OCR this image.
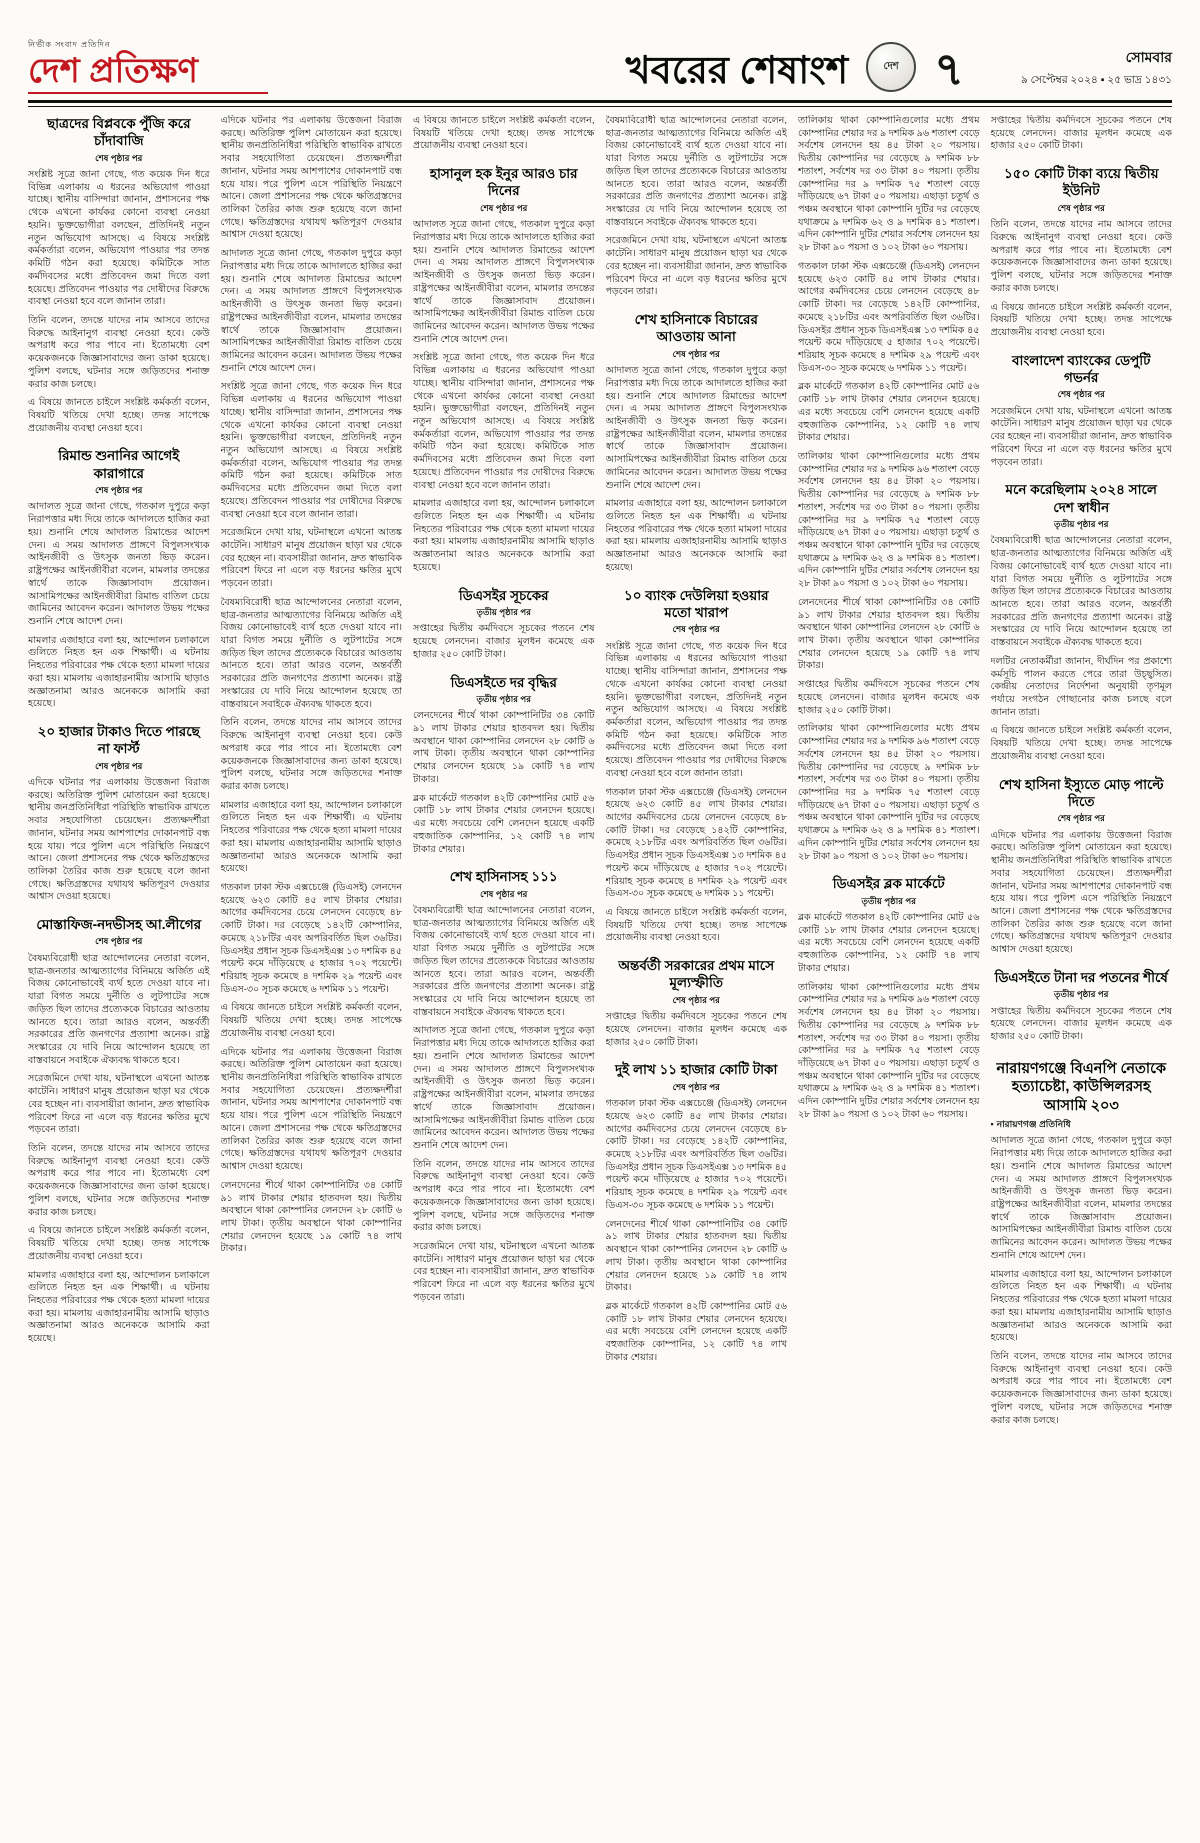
নির্ভীক সংবাদ প্রতিদিন
দেশ প্রতিক্ষণ	খবরের শেষাংশ	দেশ ৭	সোমবার
৯ সেপ্টেম্বর ২০২৪ ▪ ২৫ ভাদ্র ১৪৩১
ছাত্রদের বিপ্লবকে পুঁজি করে চাঁদাবাজি
শেষ পৃষ্ঠার পর

সংশ্লিষ্ট সূত্রে জানা গেছে, গত কয়েক দিন ধরে বিভিন্ন এলাকায় এ ধরনের অভিযোগ পাওয়া যাচ্ছে। স্থানীয় বাসিন্দারা জানান, প্রশাসনের পক্ষ থেকে এখনো কার্যকর কোনো ব্যবস্থা নেওয়া হয়নি। ভুক্তভোগীরা বলছেন, প্রতিদিনই নতুন নতুন অভিযোগ আসছে। এ বিষয়ে সংশ্লিষ্ট কর্মকর্তারা বলেন, অভিযোগ পাওয়ার পর তদন্ত কমিটি গঠন করা হয়েছে। কমিটিকে সাত কর্মদিবসের মধ্যে প্রতিবেদন জমা দিতে বলা হয়েছে। প্রতিবেদন পাওয়ার পর দোষীদের বিরুদ্ধে ব্যবস্থা নেওয়া হবে বলে জানান তারা।

তিনি বলেন, তদন্তে যাদের নাম আসবে তাদের বিরুদ্ধে আইনানুগ ব্যবস্থা নেওয়া হবে। কেউ অপরাধ করে পার পাবে না। ইতোমধ্যে বেশ কয়েকজনকে জিজ্ঞাসাবাদের জন্য ডাকা হয়েছে। পুলিশ বলছে, ঘটনার সঙ্গে জড়িতদের শনাক্ত করার কাজ চলছে।

এ বিষয়ে জানতে চাইলে সংশ্লিষ্ট কর্মকর্তা বলেন, বিষয়টি খতিয়ে দেখা হচ্ছে। তদন্ত সাপেক্ষে প্রয়োজনীয় ব্যবস্থা নেওয়া হবে।

রিমান্ড শুনানির আগেই কারাগারে
শেষ পৃষ্ঠার পর

আদালত সূত্রে জানা গেছে, গতকাল দুপুরে কড়া নিরাপত্তার মধ্য দিয়ে তাকে আদালতে হাজির করা হয়। শুনানি শেষে আদালত রিমান্ডের আদেশ দেন। এ সময় আদালত প্রাঙ্গণে বিপুলসংখ্যক আইনজীবী ও উৎসুক জনতা ভিড় করেন। রাষ্ট্রপক্ষের আইনজীবীরা বলেন, মামলার তদন্তের স্বার্থে তাকে জিজ্ঞাসাবাদ প্রয়োজন। আসামিপক্ষের আইনজীবীরা রিমান্ড বাতিল চেয়ে জামিনের আবেদন করেন। আদালত উভয় পক্ষের শুনানি শেষে আদেশ দেন।

মামলার এজাহারে বলা হয়, আন্দোলন চলাকালে গুলিতে নিহত হন এক শিক্ষার্থী। এ ঘটনায় নিহতের পরিবারের পক্ষ থেকে হত্যা মামলা দায়ের করা হয়। মামলায় এজাহারনামীয় আসামি ছাড়াও অজ্ঞাতনামা আরও অনেককে আসামি করা হয়েছে।

২০ হাজার টাকাও দিতে পারছে না ফার্স্ট
শেষ পৃষ্ঠার পর

এদিকে ঘটনার পর এলাকায় উত্তেজনা বিরাজ করছে। অতিরিক্ত পুলিশ মোতায়েন করা হয়েছে। স্থানীয় জনপ্রতিনিধিরা পরিস্থিতি স্বাভাবিক রাখতে সবার সহযোগিতা চেয়েছেন। প্রত্যক্ষদর্শীরা জানান, ঘটনার সময় আশপাশের দোকানপাট বন্ধ হয়ে যায়। পরে পুলিশ এসে পরিস্থিতি নিয়ন্ত্রণে আনে। জেলা প্রশাসনের পক্ষ থেকে ক্ষতিগ্রস্তদের তালিকা তৈরির কাজ শুরু হয়েছে বলে জানা গেছে। ক্ষতিগ্রস্তদের যথাযথ ক্ষতিপূরণ দেওয়ার আশ্বাস দেওয়া হয়েছে।

মোস্তাফিজ-নদভীসহ আ.লীগের
শেষ পৃষ্ঠার পর

বৈষম্যবিরোধী ছাত্র আন্দোলনের নেতারা বলেন, ছাত্র-জনতার আত্মত্যাগের বিনিময়ে অর্জিত এই বিজয় কোনোভাবেই ব্যর্থ হতে দেওয়া যাবে না। যারা বিগত সময়ে দুর্নীতি ও লুটপাটের সঙ্গে জড়িত ছিল তাদের প্রত্যেককে বিচারের আওতায় আনতে হবে। তারা আরও বলেন, অন্তর্বর্তী সরকারের প্রতি জনগণের প্রত্যাশা অনেক। রাষ্ট্র সংস্কারের যে দাবি নিয়ে আন্দোলন হয়েছে তা বাস্তবায়নে সবাইকে ঐক্যবদ্ধ থাকতে হবে।

সরেজমিনে দেখা যায়, ঘটনাস্থলে এখনো আতঙ্ক কাটেনি। সাধারণ মানুষ প্রয়োজন ছাড়া ঘর থেকে বের হচ্ছেন না। ব্যবসায়ীরা জানান, দ্রুত স্বাভাবিক পরিবেশ ফিরে না এলে বড় ধরনের ক্ষতির মুখে পড়বেন তারা।

তিনি বলেন, তদন্তে যাদের নাম আসবে তাদের বিরুদ্ধে আইনানুগ ব্যবস্থা নেওয়া হবে। কেউ অপরাধ করে পার পাবে না। ইতোমধ্যে বেশ কয়েকজনকে জিজ্ঞাসাবাদের জন্য ডাকা হয়েছে। পুলিশ বলছে, ঘটনার সঙ্গে জড়িতদের শনাক্ত করার কাজ চলছে।

এ বিষয়ে জানতে চাইলে সংশ্লিষ্ট কর্মকর্তা বলেন, বিষয়টি খতিয়ে দেখা হচ্ছে। তদন্ত সাপেক্ষে প্রয়োজনীয় ব্যবস্থা নেওয়া হবে।

মামলার এজাহারে বলা হয়, আন্দোলন চলাকালে গুলিতে নিহত হন এক শিক্ষার্থী। এ ঘটনায় নিহতের পরিবারের পক্ষ থেকে হত্যা মামলা দায়ের করা হয়। মামলায় এজাহারনামীয় আসামি ছাড়াও অজ্ঞাতনামা আরও অনেককে আসামি করা হয়েছে।

এদিকে ঘটনার পর এলাকায় উত্তেজনা বিরাজ করছে। অতিরিক্ত পুলিশ মোতায়েন করা হয়েছে। স্থানীয় জনপ্রতিনিধিরা পরিস্থিতি স্বাভাবিক রাখতে সবার সহযোগিতা চেয়েছেন। প্রত্যক্ষদর্শীরা জানান, ঘটনার সময় আশপাশের দোকানপাট বন্ধ হয়ে যায়। পরে পুলিশ এসে পরিস্থিতি নিয়ন্ত্রণে আনে। জেলা প্রশাসনের পক্ষ থেকে ক্ষতিগ্রস্তদের তালিকা তৈরির কাজ শুরু হয়েছে বলে জানা গেছে। ক্ষতিগ্রস্তদের যথাযথ ক্ষতিপূরণ দেওয়ার আশ্বাস দেওয়া হয়েছে।

আদালত সূত্রে জানা গেছে, গতকাল দুপুরে কড়া নিরাপত্তার মধ্য দিয়ে তাকে আদালতে হাজির করা হয়। শুনানি শেষে আদালত রিমান্ডের আদেশ দেন। এ সময় আদালত প্রাঙ্গণে বিপুলসংখ্যক আইনজীবী ও উৎসুক জনতা ভিড় করেন। রাষ্ট্রপক্ষের আইনজীবীরা বলেন, মামলার তদন্তের স্বার্থে তাকে জিজ্ঞাসাবাদ প্রয়োজন। আসামিপক্ষের আইনজীবীরা রিমান্ড বাতিল চেয়ে জামিনের আবেদন করেন। আদালত উভয় পক্ষের শুনানি শেষে আদেশ দেন।

সংশ্লিষ্ট সূত্রে জানা গেছে, গত কয়েক দিন ধরে বিভিন্ন এলাকায় এ ধরনের অভিযোগ পাওয়া যাচ্ছে। স্থানীয় বাসিন্দারা জানান, প্রশাসনের পক্ষ থেকে এখনো কার্যকর কোনো ব্যবস্থা নেওয়া হয়নি। ভুক্তভোগীরা বলছেন, প্রতিদিনই নতুন নতুন অভিযোগ আসছে। এ বিষয়ে সংশ্লিষ্ট কর্মকর্তারা বলেন, অভিযোগ পাওয়ার পর তদন্ত কমিটি গঠন করা হয়েছে। কমিটিকে সাত কর্মদিবসের মধ্যে প্রতিবেদন জমা দিতে বলা হয়েছে। প্রতিবেদন পাওয়ার পর দোষীদের বিরুদ্ধে ব্যবস্থা নেওয়া হবে বলে জানান তারা।

সরেজমিনে দেখা যায়, ঘটনাস্থলে এখনো আতঙ্ক কাটেনি। সাধারণ মানুষ প্রয়োজন ছাড়া ঘর থেকে বের হচ্ছেন না। ব্যবসায়ীরা জানান, দ্রুত স্বাভাবিক পরিবেশ ফিরে না এলে বড় ধরনের ক্ষতির মুখে পড়বেন তারা।

বৈষম্যবিরোধী ছাত্র আন্দোলনের নেতারা বলেন, ছাত্র-জনতার আত্মত্যাগের বিনিময়ে অর্জিত এই বিজয় কোনোভাবেই ব্যর্থ হতে দেওয়া যাবে না। যারা বিগত সময়ে দুর্নীতি ও লুটপাটের সঙ্গে জড়িত ছিল তাদের প্রত্যেককে বিচারের আওতায় আনতে হবে। তারা আরও বলেন, অন্তর্বর্তী সরকারের প্রতি জনগণের প্রত্যাশা অনেক। রাষ্ট্র সংস্কারের যে দাবি নিয়ে আন্দোলন হয়েছে তা বাস্তবায়নে সবাইকে ঐক্যবদ্ধ থাকতে হবে।

তিনি বলেন, তদন্তে যাদের নাম আসবে তাদের বিরুদ্ধে আইনানুগ ব্যবস্থা নেওয়া হবে। কেউ অপরাধ করে পার পাবে না। ইতোমধ্যে বেশ কয়েকজনকে জিজ্ঞাসাবাদের জন্য ডাকা হয়েছে। পুলিশ বলছে, ঘটনার সঙ্গে জড়িতদের শনাক্ত করার কাজ চলছে।

মামলার এজাহারে বলা হয়, আন্দোলন চলাকালে গুলিতে নিহত হন এক শিক্ষার্থী। এ ঘটনায় নিহতের পরিবারের পক্ষ থেকে হত্যা মামলা দায়ের করা হয়। মামলায় এজাহারনামীয় আসামি ছাড়াও অজ্ঞাতনামা আরও অনেককে আসামি করা হয়েছে।

গতকাল ঢাকা স্টক এক্সচেঞ্জে (ডিএসই) লেনদেন হয়েছে ৬২৩ কোটি ৪৫ লাখ টাকার শেয়ার। আগের কর্মদিবসের চেয়ে লেনদেন বেড়েছে ৪৮ কোটি টাকা। দর বেড়েছে ১৪২টি কোম্পানির, কমেছে ২১৮টির এবং অপরিবর্তিত ছিল ৩৬টির। ডিএসইর প্রধান সূচক ডিএসইএক্স ১৩ দশমিক ৪৫ পয়েন্ট কমে দাঁড়িয়েছে ৫ হাজার ৭০২ পয়েন্টে। শরিয়াহ সূচক কমেছে ৪ দশমিক ২৯ পয়েন্ট এবং ডিএস-৩০ সূচক কমেছে ৬ দশমিক ১১ পয়েন্ট।

এ বিষয়ে জানতে চাইলে সংশ্লিষ্ট কর্মকর্তা বলেন, বিষয়টি খতিয়ে দেখা হচ্ছে। তদন্ত সাপেক্ষে প্রয়োজনীয় ব্যবস্থা নেওয়া হবে।

এদিকে ঘটনার পর এলাকায় উত্তেজনা বিরাজ করছে। অতিরিক্ত পুলিশ মোতায়েন করা হয়েছে। স্থানীয় জনপ্রতিনিধিরা পরিস্থিতি স্বাভাবিক রাখতে সবার সহযোগিতা চেয়েছেন। প্রত্যক্ষদর্শীরা জানান, ঘটনার সময় আশপাশের দোকানপাট বন্ধ হয়ে যায়। পরে পুলিশ এসে পরিস্থিতি নিয়ন্ত্রণে আনে। জেলা প্রশাসনের পক্ষ থেকে ক্ষতিগ্রস্তদের তালিকা তৈরির কাজ শুরু হয়েছে বলে জানা গেছে। ক্ষতিগ্রস্তদের যথাযথ ক্ষতিপূরণ দেওয়ার আশ্বাস দেওয়া হয়েছে।

লেনদেনের শীর্ষে থাকা কোম্পানিটির ৩৪ কোটি ৯১ লাখ টাকার শেয়ার হাতবদল হয়। দ্বিতীয় অবস্থানে থাকা কোম্পানির লেনদেন ২৮ কোটি ৬ লাখ টাকা। তৃতীয় অবস্থানে থাকা কোম্পানির শেয়ার লেনদেন হয়েছে ১৯ কোটি ৭৪ লাখ টাকার।

এ বিষয়ে জানতে চাইলে সংশ্লিষ্ট কর্মকর্তা বলেন, বিষয়টি খতিয়ে দেখা হচ্ছে। তদন্ত সাপেক্ষে প্রয়োজনীয় ব্যবস্থা নেওয়া হবে।

হাসানুল হক ইনুর আরও চার দিনের
শেষ পৃষ্ঠার পর

আদালত সূত্রে জানা গেছে, গতকাল দুপুরে কড়া নিরাপত্তার মধ্য দিয়ে তাকে আদালতে হাজির করা হয়। শুনানি শেষে আদালত রিমান্ডের আদেশ দেন। এ সময় আদালত প্রাঙ্গণে বিপুলসংখ্যক আইনজীবী ও উৎসুক জনতা ভিড় করেন। রাষ্ট্রপক্ষের আইনজীবীরা বলেন, মামলার তদন্তের স্বার্থে তাকে জিজ্ঞাসাবাদ প্রয়োজন। আসামিপক্ষের আইনজীবীরা রিমান্ড বাতিল চেয়ে জামিনের আবেদন করেন। আদালত উভয় পক্ষের শুনানি শেষে আদেশ দেন।

সংশ্লিষ্ট সূত্রে জানা গেছে, গত কয়েক দিন ধরে বিভিন্ন এলাকায় এ ধরনের অভিযোগ পাওয়া যাচ্ছে। স্থানীয় বাসিন্দারা জানান, প্রশাসনের পক্ষ থেকে এখনো কার্যকর কোনো ব্যবস্থা নেওয়া হয়নি। ভুক্তভোগীরা বলছেন, প্রতিদিনই নতুন নতুন অভিযোগ আসছে। এ বিষয়ে সংশ্লিষ্ট কর্মকর্তারা বলেন, অভিযোগ পাওয়ার পর তদন্ত কমিটি গঠন করা হয়েছে। কমিটিকে সাত কর্মদিবসের মধ্যে প্রতিবেদন জমা দিতে বলা হয়েছে। প্রতিবেদন পাওয়ার পর দোষীদের বিরুদ্ধে ব্যবস্থা নেওয়া হবে বলে জানান তারা।

মামলার এজাহারে বলা হয়, আন্দোলন চলাকালে গুলিতে নিহত হন এক শিক্ষার্থী। এ ঘটনায় নিহতের পরিবারের পক্ষ থেকে হত্যা মামলা দায়ের করা হয়। মামলায় এজাহারনামীয় আসামি ছাড়াও অজ্ঞাতনামা আরও অনেককে আসামি করা হয়েছে।

ডিএসইর সূচকের
তৃতীয় পৃষ্ঠার পর

সপ্তাহের দ্বিতীয় কর্মদিবসে সূচকের পতনে শেষ হয়েছে লেনদেন। বাজার মূলধন কমেছে এক হাজার ২৫০ কোটি টাকা।

ডিএসইতে দর বৃদ্ধির
তৃতীয় পৃষ্ঠার পর

লেনদেনের শীর্ষে থাকা কোম্পানিটির ৩৪ কোটি ৯১ লাখ টাকার শেয়ার হাতবদল হয়। দ্বিতীয় অবস্থানে থাকা কোম্পানির লেনদেন ২৮ কোটি ৬ লাখ টাকা। তৃতীয় অবস্থানে থাকা কোম্পানির শেয়ার লেনদেন হয়েছে ১৯ কোটি ৭৪ লাখ টাকার।

ব্লক মার্কেটে গতকাল ৪২টি কোম্পানির মোট ৫৬ কোটি ১৮ লাখ টাকার শেয়ার লেনদেন হয়েছে। এর মধ্যে সবচেয়ে বেশি লেনদেন হয়েছে একটি বহুজাতিক কোম্পানির, ১২ কোটি ৭৪ লাখ টাকার শেয়ার।

শেখ হাসিনাসহ ১১১
শেষ পৃষ্ঠার পর

বৈষম্যবিরোধী ছাত্র আন্দোলনের নেতারা বলেন, ছাত্র-জনতার আত্মত্যাগের বিনিময়ে অর্জিত এই বিজয় কোনোভাবেই ব্যর্থ হতে দেওয়া যাবে না। যারা বিগত সময়ে দুর্নীতি ও লুটপাটের সঙ্গে জড়িত ছিল তাদের প্রত্যেককে বিচারের আওতায় আনতে হবে। তারা আরও বলেন, অন্তর্বর্তী সরকারের প্রতি জনগণের প্রত্যাশা অনেক। রাষ্ট্র সংস্কারের যে দাবি নিয়ে আন্দোলন হয়েছে তা বাস্তবায়নে সবাইকে ঐক্যবদ্ধ থাকতে হবে।

আদালত সূত্রে জানা গেছে, গতকাল দুপুরে কড়া নিরাপত্তার মধ্য দিয়ে তাকে আদালতে হাজির করা হয়। শুনানি শেষে আদালত রিমান্ডের আদেশ দেন। এ সময় আদালত প্রাঙ্গণে বিপুলসংখ্যক আইনজীবী ও উৎসুক জনতা ভিড় করেন। রাষ্ট্রপক্ষের আইনজীবীরা বলেন, মামলার তদন্তের স্বার্থে তাকে জিজ্ঞাসাবাদ প্রয়োজন। আসামিপক্ষের আইনজীবীরা রিমান্ড বাতিল চেয়ে জামিনের আবেদন করেন। আদালত উভয় পক্ষের শুনানি শেষে আদেশ দেন।

তিনি বলেন, তদন্তে যাদের নাম আসবে তাদের বিরুদ্ধে আইনানুগ ব্যবস্থা নেওয়া হবে। কেউ অপরাধ করে পার পাবে না। ইতোমধ্যে বেশ কয়েকজনকে জিজ্ঞাসাবাদের জন্য ডাকা হয়েছে। পুলিশ বলছে, ঘটনার সঙ্গে জড়িতদের শনাক্ত করার কাজ চলছে।

সরেজমিনে দেখা যায়, ঘটনাস্থলে এখনো আতঙ্ক কাটেনি। সাধারণ মানুষ প্রয়োজন ছাড়া ঘর থেকে বের হচ্ছেন না। ব্যবসায়ীরা জানান, দ্রুত স্বাভাবিক পরিবেশ ফিরে না এলে বড় ধরনের ক্ষতির মুখে পড়বেন তারা।

বৈষম্যবিরোধী ছাত্র আন্দোলনের নেতারা বলেন, ছাত্র-জনতার আত্মত্যাগের বিনিময়ে অর্জিত এই বিজয় কোনোভাবেই ব্যর্থ হতে দেওয়া যাবে না। যারা বিগত সময়ে দুর্নীতি ও লুটপাটের সঙ্গে জড়িত ছিল তাদের প্রত্যেককে বিচারের আওতায় আনতে হবে। তারা আরও বলেন, অন্তর্বর্তী সরকারের প্রতি জনগণের প্রত্যাশা অনেক। রাষ্ট্র সংস্কারের যে দাবি নিয়ে আন্দোলন হয়েছে তা বাস্তবায়নে সবাইকে ঐক্যবদ্ধ থাকতে হবে।

সরেজমিনে দেখা যায়, ঘটনাস্থলে এখনো আতঙ্ক কাটেনি। সাধারণ মানুষ প্রয়োজন ছাড়া ঘর থেকে বের হচ্ছেন না। ব্যবসায়ীরা জানান, দ্রুত স্বাভাবিক পরিবেশ ফিরে না এলে বড় ধরনের ক্ষতির মুখে পড়বেন তারা।

শেখ হাসিনাকে বিচারের আওতায় আনা
শেষ পৃষ্ঠার পর

আদালত সূত্রে জানা গেছে, গতকাল দুপুরে কড়া নিরাপত্তার মধ্য দিয়ে তাকে আদালতে হাজির করা হয়। শুনানি শেষে আদালত রিমান্ডের আদেশ দেন। এ সময় আদালত প্রাঙ্গণে বিপুলসংখ্যক আইনজীবী ও উৎসুক জনতা ভিড় করেন। রাষ্ট্রপক্ষের আইনজীবীরা বলেন, মামলার তদন্তের স্বার্থে তাকে জিজ্ঞাসাবাদ প্রয়োজন। আসামিপক্ষের আইনজীবীরা রিমান্ড বাতিল চেয়ে জামিনের আবেদন করেন। আদালত উভয় পক্ষের শুনানি শেষে আদেশ দেন।

মামলার এজাহারে বলা হয়, আন্দোলন চলাকালে গুলিতে নিহত হন এক শিক্ষার্থী। এ ঘটনায় নিহতের পরিবারের পক্ষ থেকে হত্যা মামলা দায়ের করা হয়। মামলায় এজাহারনামীয় আসামি ছাড়াও অজ্ঞাতনামা আরও অনেককে আসামি করা হয়েছে।

১০ ব্যাংক দেউলিয়া হওয়ার মতো খারাপ
শেষ পৃষ্ঠার পর

সংশ্লিষ্ট সূত্রে জানা গেছে, গত কয়েক দিন ধরে বিভিন্ন এলাকায় এ ধরনের অভিযোগ পাওয়া যাচ্ছে। স্থানীয় বাসিন্দারা জানান, প্রশাসনের পক্ষ থেকে এখনো কার্যকর কোনো ব্যবস্থা নেওয়া হয়নি। ভুক্তভোগীরা বলছেন, প্রতিদিনই নতুন নতুন অভিযোগ আসছে। এ বিষয়ে সংশ্লিষ্ট কর্মকর্তারা বলেন, অভিযোগ পাওয়ার পর তদন্ত কমিটি গঠন করা হয়েছে। কমিটিকে সাত কর্মদিবসের মধ্যে প্রতিবেদন জমা দিতে বলা হয়েছে। প্রতিবেদন পাওয়ার পর দোষীদের বিরুদ্ধে ব্যবস্থা নেওয়া হবে বলে জানান তারা।

গতকাল ঢাকা স্টক এক্সচেঞ্জে (ডিএসই) লেনদেন হয়েছে ৬২৩ কোটি ৪৫ লাখ টাকার শেয়ার। আগের কর্মদিবসের চেয়ে লেনদেন বেড়েছে ৪৮ কোটি টাকা। দর বেড়েছে ১৪২টি কোম্পানির, কমেছে ২১৮টির এবং অপরিবর্তিত ছিল ৩৬টির। ডিএসইর প্রধান সূচক ডিএসইএক্স ১৩ দশমিক ৪৫ পয়েন্ট কমে দাঁড়িয়েছে ৫ হাজার ৭০২ পয়েন্টে। শরিয়াহ সূচক কমেছে ৪ দশমিক ২৯ পয়েন্ট এবং ডিএস-৩০ সূচক কমেছে ৬ দশমিক ১১ পয়েন্ট।

এ বিষয়ে জানতে চাইলে সংশ্লিষ্ট কর্মকর্তা বলেন, বিষয়টি খতিয়ে দেখা হচ্ছে। তদন্ত সাপেক্ষে প্রয়োজনীয় ব্যবস্থা নেওয়া হবে।

অন্তর্বর্তী সরকারের প্রথম মাসে মূল্যস্ফীতি
শেষ পৃষ্ঠার পর

সপ্তাহের দ্বিতীয় কর্মদিবসে সূচকের পতনে শেষ হয়েছে লেনদেন। বাজার মূলধন কমেছে এক হাজার ২৫০ কোটি টাকা।

দুই লাখ ১১ হাজার কোটি টাকা
শেষ পৃষ্ঠার পর

গতকাল ঢাকা স্টক এক্সচেঞ্জে (ডিএসই) লেনদেন হয়েছে ৬২৩ কোটি ৪৫ লাখ টাকার শেয়ার। আগের কর্মদিবসের চেয়ে লেনদেন বেড়েছে ৪৮ কোটি টাকা। দর বেড়েছে ১৪২টি কোম্পানির, কমেছে ২১৮টির এবং অপরিবর্তিত ছিল ৩৬টির। ডিএসইর প্রধান সূচক ডিএসইএক্স ১৩ দশমিক ৪৫ পয়েন্ট কমে দাঁড়িয়েছে ৫ হাজার ৭০২ পয়েন্টে। শরিয়াহ সূচক কমেছে ৪ দশমিক ২৯ পয়েন্ট এবং ডিএস-৩০ সূচক কমেছে ৬ দশমিক ১১ পয়েন্ট।

লেনদেনের শীর্ষে থাকা কোম্পানিটির ৩৪ কোটি ৯১ লাখ টাকার শেয়ার হাতবদল হয়। দ্বিতীয় অবস্থানে থাকা কোম্পানির লেনদেন ২৮ কোটি ৬ লাখ টাকা। তৃতীয় অবস্থানে থাকা কোম্পানির শেয়ার লেনদেন হয়েছে ১৯ কোটি ৭৪ লাখ টাকার।

ব্লক মার্কেটে গতকাল ৪২টি কোম্পানির মোট ৫৬ কোটি ১৮ লাখ টাকার শেয়ার লেনদেন হয়েছে। এর মধ্যে সবচেয়ে বেশি লেনদেন হয়েছে একটি বহুজাতিক কোম্পানির, ১২ কোটি ৭৪ লাখ টাকার শেয়ার।

তালিকায় থাকা কোম্পানিগুলোর মধ্যে প্রথম কোম্পানির শেয়ার দর ৯ দশমিক ৯৬ শতাংশ বেড়ে সর্বশেষ লেনদেন হয় ৪৫ টাকা ২০ পয়সায়। দ্বিতীয় কোম্পানির দর বেড়েছে ৯ দশমিক ৮৮ শতাংশ, সর্বশেষ দর ৩৩ টাকা ৪০ পয়সা। তৃতীয় কোম্পানির দর ৯ দশমিক ৭৫ শতাংশ বেড়ে দাঁড়িয়েছে ৬৭ টাকা ৫০ পয়সায়। এছাড়া চতুর্থ ও পঞ্চম অবস্থানে থাকা কোম্পানি দুটির দর বেড়েছে যথাক্রমে ৯ দশমিক ৬২ ও ৯ দশমিক ৪১ শতাংশ। এদিন কোম্পানি দুটির শেয়ার সর্বশেষ লেনদেন হয় ২৮ টাকা ৯০ পয়সা ও ১০২ টাকা ৬০ পয়সায়।

গতকাল ঢাকা স্টক এক্সচেঞ্জে (ডিএসই) লেনদেন হয়েছে ৬২৩ কোটি ৪৫ লাখ টাকার শেয়ার। আগের কর্মদিবসের চেয়ে লেনদেন বেড়েছে ৪৮ কোটি টাকা। দর বেড়েছে ১৪২টি কোম্পানির, কমেছে ২১৮টির এবং অপরিবর্তিত ছিল ৩৬টির। ডিএসইর প্রধান সূচক ডিএসইএক্স ১৩ দশমিক ৪৫ পয়েন্ট কমে দাঁড়িয়েছে ৫ হাজার ৭০২ পয়েন্টে। শরিয়াহ সূচক কমেছে ৪ দশমিক ২৯ পয়েন্ট এবং ডিএস-৩০ সূচক কমেছে ৬ দশমিক ১১ পয়েন্ট।

ব্লক মার্কেটে গতকাল ৪২টি কোম্পানির মোট ৫৬ কোটি ১৮ লাখ টাকার শেয়ার লেনদেন হয়েছে। এর মধ্যে সবচেয়ে বেশি লেনদেন হয়েছে একটি বহুজাতিক কোম্পানির, ১২ কোটি ৭৪ লাখ টাকার শেয়ার।

তালিকায় থাকা কোম্পানিগুলোর মধ্যে প্রথম কোম্পানির শেয়ার দর ৯ দশমিক ৯৬ শতাংশ বেড়ে সর্বশেষ লেনদেন হয় ৪৫ টাকা ২০ পয়সায়। দ্বিতীয় কোম্পানির দর বেড়েছে ৯ দশমিক ৮৮ শতাংশ, সর্বশেষ দর ৩৩ টাকা ৪০ পয়সা। তৃতীয় কোম্পানির দর ৯ দশমিক ৭৫ শতাংশ বেড়ে দাঁড়িয়েছে ৬৭ টাকা ৫০ পয়সায়। এছাড়া চতুর্থ ও পঞ্চম অবস্থানে থাকা কোম্পানি দুটির দর বেড়েছে যথাক্রমে ৯ দশমিক ৬২ ও ৯ দশমিক ৪১ শতাংশ। এদিন কোম্পানি দুটির শেয়ার সর্বশেষ লেনদেন হয় ২৮ টাকা ৯০ পয়সা ও ১০২ টাকা ৬০ পয়সায়।

লেনদেনের শীর্ষে থাকা কোম্পানিটির ৩৪ কোটি ৯১ লাখ টাকার শেয়ার হাতবদল হয়। দ্বিতীয় অবস্থানে থাকা কোম্পানির লেনদেন ২৮ কোটি ৬ লাখ টাকা। তৃতীয় অবস্থানে থাকা কোম্পানির শেয়ার লেনদেন হয়েছে ১৯ কোটি ৭৪ লাখ টাকার।

সপ্তাহের দ্বিতীয় কর্মদিবসে সূচকের পতনে শেষ হয়েছে লেনদেন। বাজার মূলধন কমেছে এক হাজার ২৫০ কোটি টাকা।

তালিকায় থাকা কোম্পানিগুলোর মধ্যে প্রথম কোম্পানির শেয়ার দর ৯ দশমিক ৯৬ শতাংশ বেড়ে সর্বশেষ লেনদেন হয় ৪৫ টাকা ২০ পয়সায়। দ্বিতীয় কোম্পানির দর বেড়েছে ৯ দশমিক ৮৮ শতাংশ, সর্বশেষ দর ৩৩ টাকা ৪০ পয়সা। তৃতীয় কোম্পানির দর ৯ দশমিক ৭৫ শতাংশ বেড়ে দাঁড়িয়েছে ৬৭ টাকা ৫০ পয়সায়। এছাড়া চতুর্থ ও পঞ্চম অবস্থানে থাকা কোম্পানি দুটির দর বেড়েছে যথাক্রমে ৯ দশমিক ৬২ ও ৯ দশমিক ৪১ শতাংশ। এদিন কোম্পানি দুটির শেয়ার সর্বশেষ লেনদেন হয় ২৮ টাকা ৯০ পয়সা ও ১০২ টাকা ৬০ পয়সায়।

ডিএসইর ব্লক মার্কেটে
তৃতীয় পৃষ্ঠার পর

ব্লক মার্কেটে গতকাল ৪২টি কোম্পানির মোট ৫৬ কোটি ১৮ লাখ টাকার শেয়ার লেনদেন হয়েছে। এর মধ্যে সবচেয়ে বেশি লেনদেন হয়েছে একটি বহুজাতিক কোম্পানির, ১২ কোটি ৭৪ লাখ টাকার শেয়ার।

তালিকায় থাকা কোম্পানিগুলোর মধ্যে প্রথম কোম্পানির শেয়ার দর ৯ দশমিক ৯৬ শতাংশ বেড়ে সর্বশেষ লেনদেন হয় ৪৫ টাকা ২০ পয়সায়। দ্বিতীয় কোম্পানির দর বেড়েছে ৯ দশমিক ৮৮ শতাংশ, সর্বশেষ দর ৩৩ টাকা ৪০ পয়সা। তৃতীয় কোম্পানির দর ৯ দশমিক ৭৫ শতাংশ বেড়ে দাঁড়িয়েছে ৬৭ টাকা ৫০ পয়সায়। এছাড়া চতুর্থ ও পঞ্চম অবস্থানে থাকা কোম্পানি দুটির দর বেড়েছে যথাক্রমে ৯ দশমিক ৬২ ও ৯ দশমিক ৪১ শতাংশ। এদিন কোম্পানি দুটির শেয়ার সর্বশেষ লেনদেন হয় ২৮ টাকা ৯০ পয়সা ও ১০২ টাকা ৬০ পয়সায়।

সপ্তাহের দ্বিতীয় কর্মদিবসে সূচকের পতনে শেষ হয়েছে লেনদেন। বাজার মূলধন কমেছে এক হাজার ২৫০ কোটি টাকা।

১৫০ কোটি টাকা ব্যয়ে দ্বিতীয় ইউনিট
শেষ পৃষ্ঠার পর

তিনি বলেন, তদন্তে যাদের নাম আসবে তাদের বিরুদ্ধে আইনানুগ ব্যবস্থা নেওয়া হবে। কেউ অপরাধ করে পার পাবে না। ইতোমধ্যে বেশ কয়েকজনকে জিজ্ঞাসাবাদের জন্য ডাকা হয়েছে। পুলিশ বলছে, ঘটনার সঙ্গে জড়িতদের শনাক্ত করার কাজ চলছে।

এ বিষয়ে জানতে চাইলে সংশ্লিষ্ট কর্মকর্তা বলেন, বিষয়টি খতিয়ে দেখা হচ্ছে। তদন্ত সাপেক্ষে প্রয়োজনীয় ব্যবস্থা নেওয়া হবে।

বাংলাদেশ ব্যাংকের ডেপুটি গভর্নর
শেষ পৃষ্ঠার পর

সরেজমিনে দেখা যায়, ঘটনাস্থলে এখনো আতঙ্ক কাটেনি। সাধারণ মানুষ প্রয়োজন ছাড়া ঘর থেকে বের হচ্ছেন না। ব্যবসায়ীরা জানান, দ্রুত স্বাভাবিক পরিবেশ ফিরে না এলে বড় ধরনের ক্ষতির মুখে পড়বেন তারা।

মনে করেছিলাম ২০২৪ সালে দেশ স্বাধীন
তৃতীয় পৃষ্ঠার পর

বৈষম্যবিরোধী ছাত্র আন্দোলনের নেতারা বলেন, ছাত্র-জনতার আত্মত্যাগের বিনিময়ে অর্জিত এই বিজয় কোনোভাবেই ব্যর্থ হতে দেওয়া যাবে না। যারা বিগত সময়ে দুর্নীতি ও লুটপাটের সঙ্গে জড়িত ছিল তাদের প্রত্যেককে বিচারের আওতায় আনতে হবে। তারা আরও বলেন, অন্তর্বর্তী সরকারের প্রতি জনগণের প্রত্যাশা অনেক। রাষ্ট্র সংস্কারের যে দাবি নিয়ে আন্দোলন হয়েছে তা বাস্তবায়নে সবাইকে ঐক্যবদ্ধ থাকতে হবে।

দলটির নেতাকর্মীরা জানান, দীর্ঘদিন পর প্রকাশ্যে কর্মসূচি পালন করতে পেরে তারা উচ্ছ্বসিত। কেন্দ্রীয় নেতাদের নির্দেশনা অনুযায়ী তৃণমূল পর্যায়ে সংগঠন গোছানোর কাজ চলছে বলে জানান তারা।

এ বিষয়ে জানতে চাইলে সংশ্লিষ্ট কর্মকর্তা বলেন, বিষয়টি খতিয়ে দেখা হচ্ছে। তদন্ত সাপেক্ষে প্রয়োজনীয় ব্যবস্থা নেওয়া হবে।

শেখ হাসিনা ইস্যুতে মোড় পাল্টে দিতে
শেষ পৃষ্ঠার পর

এদিকে ঘটনার পর এলাকায় উত্তেজনা বিরাজ করছে। অতিরিক্ত পুলিশ মোতায়েন করা হয়েছে। স্থানীয় জনপ্রতিনিধিরা পরিস্থিতি স্বাভাবিক রাখতে সবার সহযোগিতা চেয়েছেন। প্রত্যক্ষদর্শীরা জানান, ঘটনার সময় আশপাশের দোকানপাট বন্ধ হয়ে যায়। পরে পুলিশ এসে পরিস্থিতি নিয়ন্ত্রণে আনে। জেলা প্রশাসনের পক্ষ থেকে ক্ষতিগ্রস্তদের তালিকা তৈরির কাজ শুরু হয়েছে বলে জানা গেছে। ক্ষতিগ্রস্তদের যথাযথ ক্ষতিপূরণ দেওয়ার আশ্বাস দেওয়া হয়েছে।

ডিএসইতে টানা দর পতনের শীর্ষে
তৃতীয় পৃষ্ঠার পর

সপ্তাহের দ্বিতীয় কর্মদিবসে সূচকের পতনে শেষ হয়েছে লেনদেন। বাজার মূলধন কমেছে এক হাজার ২৫০ কোটি টাকা।

নারায়ণগঞ্জে বিএনপি নেতাকে হত্যাচেষ্টা, কাউন্সিলরসহ আসামি ২০৩
▪ নারায়ণগঞ্জ প্রতিনিধি

আদালত সূত্রে জানা গেছে, গতকাল দুপুরে কড়া নিরাপত্তার মধ্য দিয়ে তাকে আদালতে হাজির করা হয়। শুনানি শেষে আদালত রিমান্ডের আদেশ দেন। এ সময় আদালত প্রাঙ্গণে বিপুলসংখ্যক আইনজীবী ও উৎসুক জনতা ভিড় করেন। রাষ্ট্রপক্ষের আইনজীবীরা বলেন, মামলার তদন্তের স্বার্থে তাকে জিজ্ঞাসাবাদ প্রয়োজন। আসামিপক্ষের আইনজীবীরা রিমান্ড বাতিল চেয়ে জামিনের আবেদন করেন। আদালত উভয় পক্ষের শুনানি শেষে আদেশ দেন।

মামলার এজাহারে বলা হয়, আন্দোলন চলাকালে গুলিতে নিহত হন এক শিক্ষার্থী। এ ঘটনায় নিহতের পরিবারের পক্ষ থেকে হত্যা মামলা দায়ের করা হয়। মামলায় এজাহারনামীয় আসামি ছাড়াও অজ্ঞাতনামা আরও অনেককে আসামি করা হয়েছে।

তিনি বলেন, তদন্তে যাদের নাম আসবে তাদের বিরুদ্ধে আইনানুগ ব্যবস্থা নেওয়া হবে। কেউ অপরাধ করে পার পাবে না। ইতোমধ্যে বেশ কয়েকজনকে জিজ্ঞাসাবাদের জন্য ডাকা হয়েছে। পুলিশ বলছে, ঘটনার সঙ্গে জড়িতদের শনাক্ত করার কাজ চলছে।
